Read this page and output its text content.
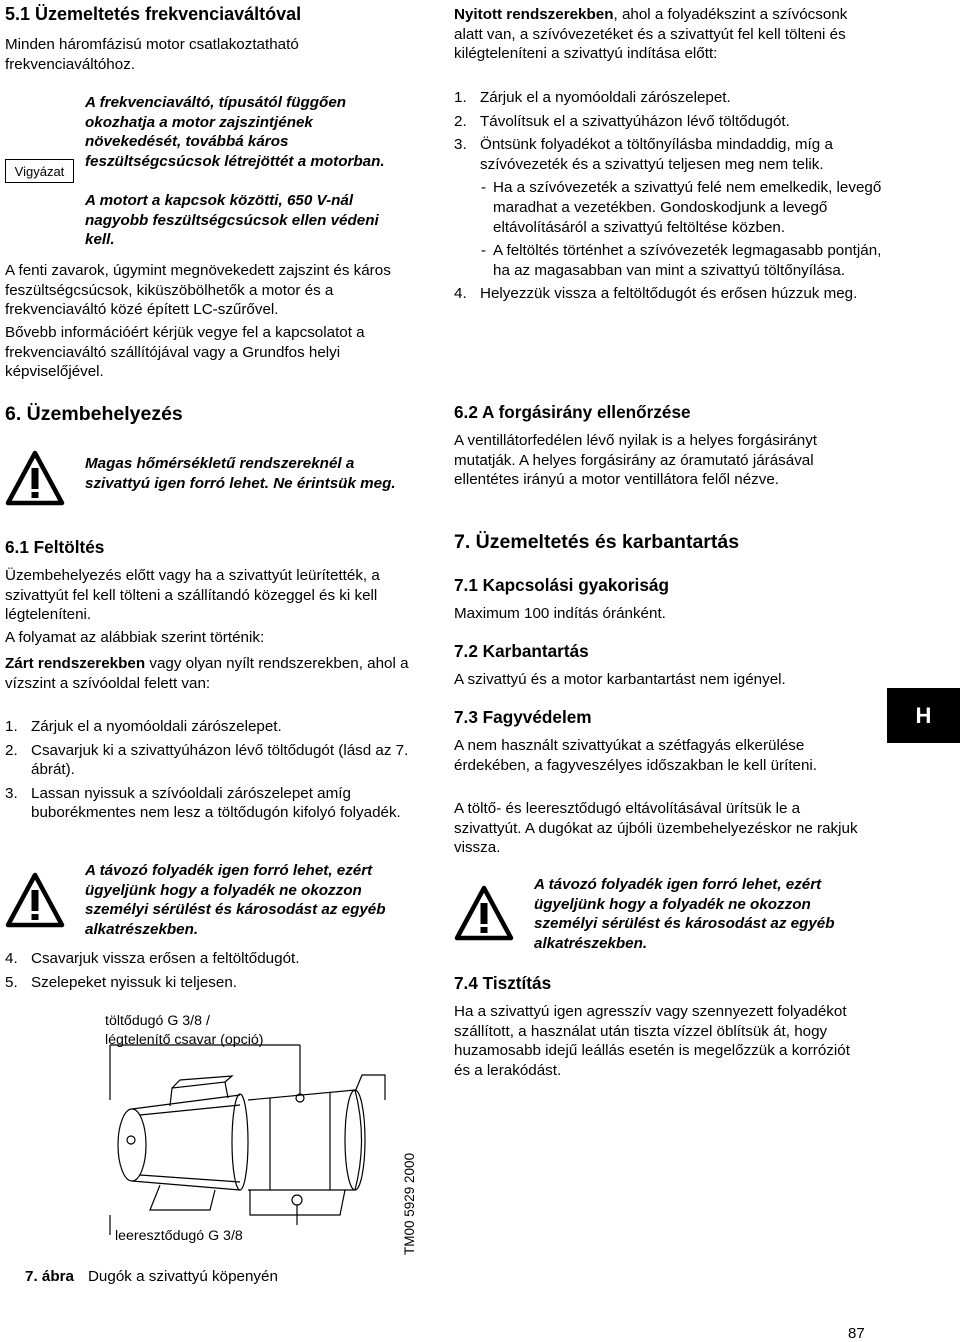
5.1 Üzemeltetés frekvenciaváltóval

Minden háromfázisú motor csatlakoztatható frekvenciaváltóhoz.

Vigyázat

A frekvenciaváltó, típusától függően okozhatja a motor zajszintjének növekedését, továbbá káros feszültségcsúcsok létrejöttét a motorban.

A motort a kapcsok közötti, 650 V-nál nagyobb feszültségcsúcsok ellen védeni kell.

A fenti zavarok, úgymint megnövekedett zajszint és káros feszültségcsúcsok, kiküszöbölhetők a motor és a frekvenciaváltó közé épített LC-szűrővel.

Bővebb információért kérjük vegye fel a kapcsolatot a frekvenciaváltó szállítójával vagy a Grundfos helyi képviselőjével.

6. Üzembehelyezés

Magas hőmérsékletű rendszereknél a szivattyú igen forró lehet. Ne érintsük meg.

6.1 Feltöltés

Üzembehelyezés előtt vagy ha a szivattyút leürítették, a szivattyút fel kell tölteni a szállítandó közeggel és ki kell légteleníteni.

A folyamat az alábbiak szerint történik:

Zárt rendszerekben vagy olyan nyílt rendszerekben, ahol a vízszint a szívóoldal felett van:

1. Zárjuk el a nyomóoldali zárószelepet.
2. Csavarjuk ki a szivattyúházon lévő töltődugót (lásd az 7. ábrát).
3. Lassan nyissuk a szívóoldali zárószelepet amíg buborékmentes nem lesz a töltődugón kifolyó folyadék.

A távozó folyadék igen forró lehet, ezért ügyeljünk hogy a folyadék ne okozzon személyi sérülést és károsodást az egyéb alkatrészekben.

4. Csavarjuk vissza erősen a feltöltődugót.
5. Szelepeket nyissuk ki teljesen.

töltődugó G 3/8 /
légtelenítő csavar (opció)

leeresztődugó G 3/8	TM00 5929 2000

7. ábra Dugók a szivattyú köpenyén

Nyitott rendszerekben, ahol a folyadékszint a szívócsonk alatt van, a szívóvezetéket és a szivattyút fel kell tölteni és kilégteleníteni a szivattyú indítása előtt:

1. Zárjuk el a nyomóoldali zárószelepet.
2. Távolítsuk el a szivattyúházon lévő töltődugót.
3. Öntsünk folyadékot a töltőnyílásba mindaddig, míg a szívóvezeték és a szivattyú teljesen meg nem telik.
- Ha a szívóvezeték a szivattyú felé nem emelkedik, levegő maradhat a vezetékben. Gondoskodjunk a levegő eltávolításáról a szivattyú feltöltése közben.
- A feltöltés történhet a szívóvezeték legmagasabb pontján, ha az magasabban van mint a szivattyú töltőnyílása.
4. Helyezzük vissza a feltöltődugót és erősen húzzuk meg.
6.2 A forgásirány ellenőrzése

A ventillátorfedélen lévő nyilak is a helyes forgásirányt mutatják. A helyes forgásirány az óramutató járásával ellentétes irányú a motor ventillátora felől nézve.

7. Üzemeltetés és karbantartás
7.1 Kapcsolási gyakoriság

Maximum 100 indítás óránként.

7.2 Karbantartás

A szivattyú és a motor karbantartást nem igényel.

7.3 Fagyvédelem

A nem használt szivattyúkat a szétfagyás elkerülése érdekében, a fagyveszélyes időszakban le kell üríteni.

A töltő- és leeresztődugó eltávolításával ürítsük le a szivattyút. A dugókat az újbóli üzembehelyezéskor ne rakjuk vissza.

A távozó folyadék igen forró lehet, ezért ügyeljünk hogy a folyadék ne okozzon személyi sérülést és károsodást az egyéb alkatrészekben.

7.4 Tisztítás

Ha a szivattyú igen agresszív vagy szennyezett folyadékot szállított, a használat után tiszta vízzel öblítsük át, hogy huzamosabb idejű leállás esetén is megelőzzük a korróziót és a lerakódást.

H
87
